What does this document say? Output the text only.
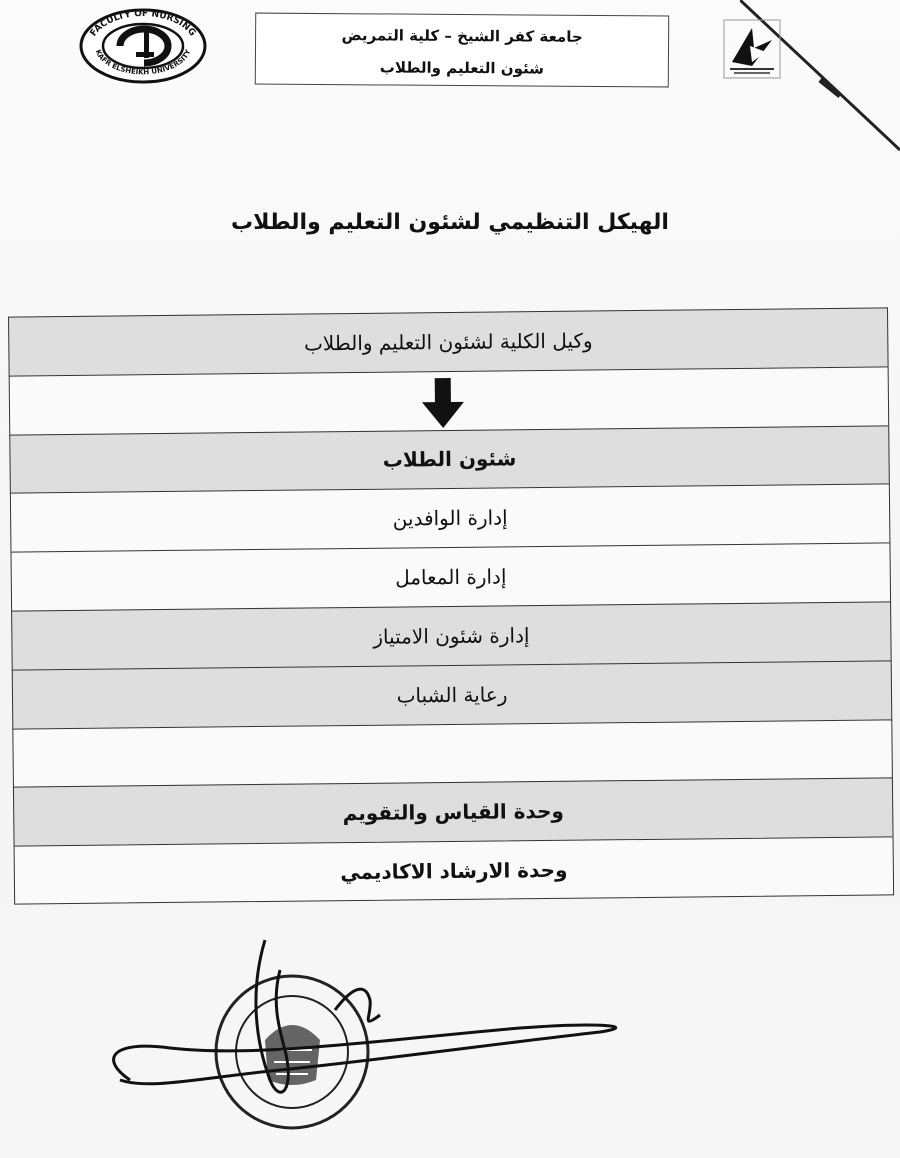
FACULTY OF NURSING
KAFR ELSHEIKH UNIVERSITY
جامعة كفر الشيخ – كلية التمريض
شئون التعليم والطلاب
الهيكل التنظيمي لشئون التعليم والطلاب
وكيل الكلية لشئون التعليم والطلاب
شئون الطلاب
إدارة الوافدين
إدارة المعامل
إدارة شئون الامتياز
رعاية الشباب
وحدة القياس والتقويم
وحدة الارشاد الاكاديمي
